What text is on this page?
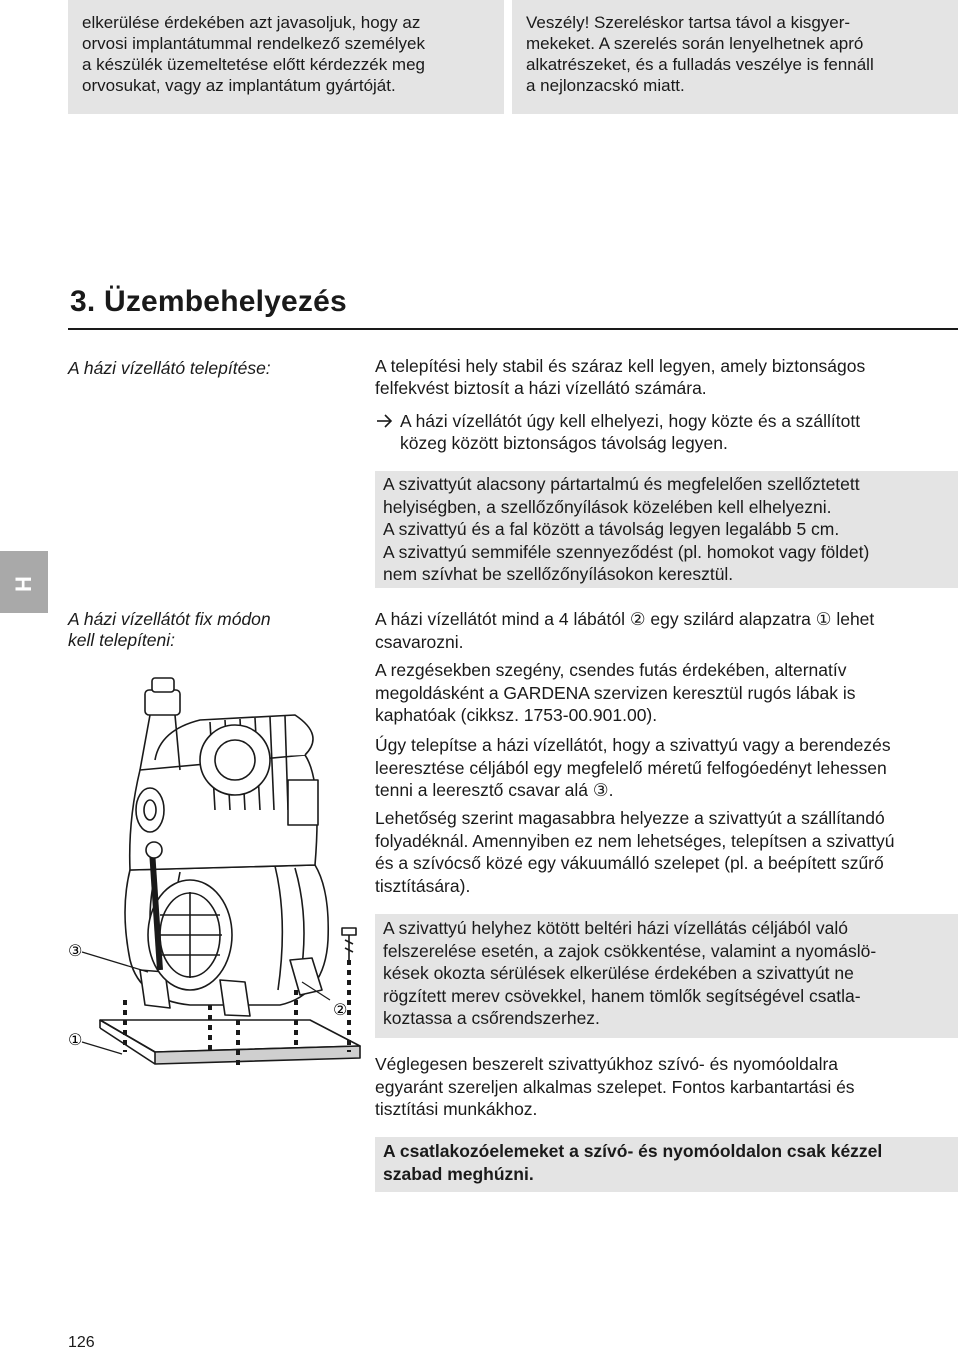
elkerülése érdekében azt javasoljuk, hogy az

orvosi implantátummal rendelkező személyek

a készülék üzemeltetése előtt kérdezzék meg

orvosukat, vagy az implantátum gyártóját.

Veszély! Szereléskor tartsa távol a kisgyer-

mekeket. A szerelés során lenyelhetnek apró

alkatrészeket, és a fulladás veszélye is fennáll

a nejlonzacskó miatt.

3. Üzembehelyezés
H
A házi vízellátó telepítése:
A házi vízellátót fix módon
kell telepíteni:
A telepítési hely stabil és száraz kell legyen, amely biztonságos
felfekvést biztosít a házi vízellátó számára.
A házi vízellátót úgy kell elhelyezi, hogy közte és a szállított
közeg között biztonságos távolság legyen.
A szivattyút alacsony pártartalmú és megfelelően szellőztetett
helyiségben, a szellőzőnyílások közelében kell elhelyezni.
A szivattyú és a fal között a távolság legyen legalább 5 cm.
A szivattyú semmiféle szennyeződést (pl. homokot vagy földet)
nem szívhat be szellőzőnyílásokon keresztül.
A házi vízellátót mind a 4 lábától ② egy szilárd alapzatra ① lehet
csavarozni.
A rezgésekben szegény, csendes futás érdekében, alternatív
megoldásként a GARDENA szervizen keresztül rugós lábak is
kaphatóak (cikksz. 1753-00.901.00).
Úgy telepítse a házi vízellátót, hogy a szivattyú vagy a berendezés
leeresztése céljából egy megfelelő méretű felfogóedényt lehessen
tenni a leeresztő csavar alá ③.
Lehetőség szerint magasabbra helyezze a szivattyút a szállítandó
folyadéknál. Amennyiben ez nem lehetséges, telepítsen a szivattyú
és a szívócső közé egy vákuumálló szelepet (pl. a beépített szűrő
tisztítására).
A szivattyú helyhez kötött beltéri házi vízellátás céljából való
felszerelése esetén, a zajok csökkentése, valamint a nyomáslö-
kések okozta sérülések elkerülése érdekében a szivattyút ne
rögzített merev csövekkel, hanem tömlők segítségével csatla-
koztassa a csőrendszerhez.
Véglegesen beszerelt szivattyúkhoz szívó- és nyomóoldalra
egyaránt szereljen alkalmas szelepet. Fontos karbantartási és
tisztítási munkákhoz.
A csatlakozóelemeket a szívó- és nyomóoldalon csak kézzel
szabad meghúzni.
③
①
②
126
